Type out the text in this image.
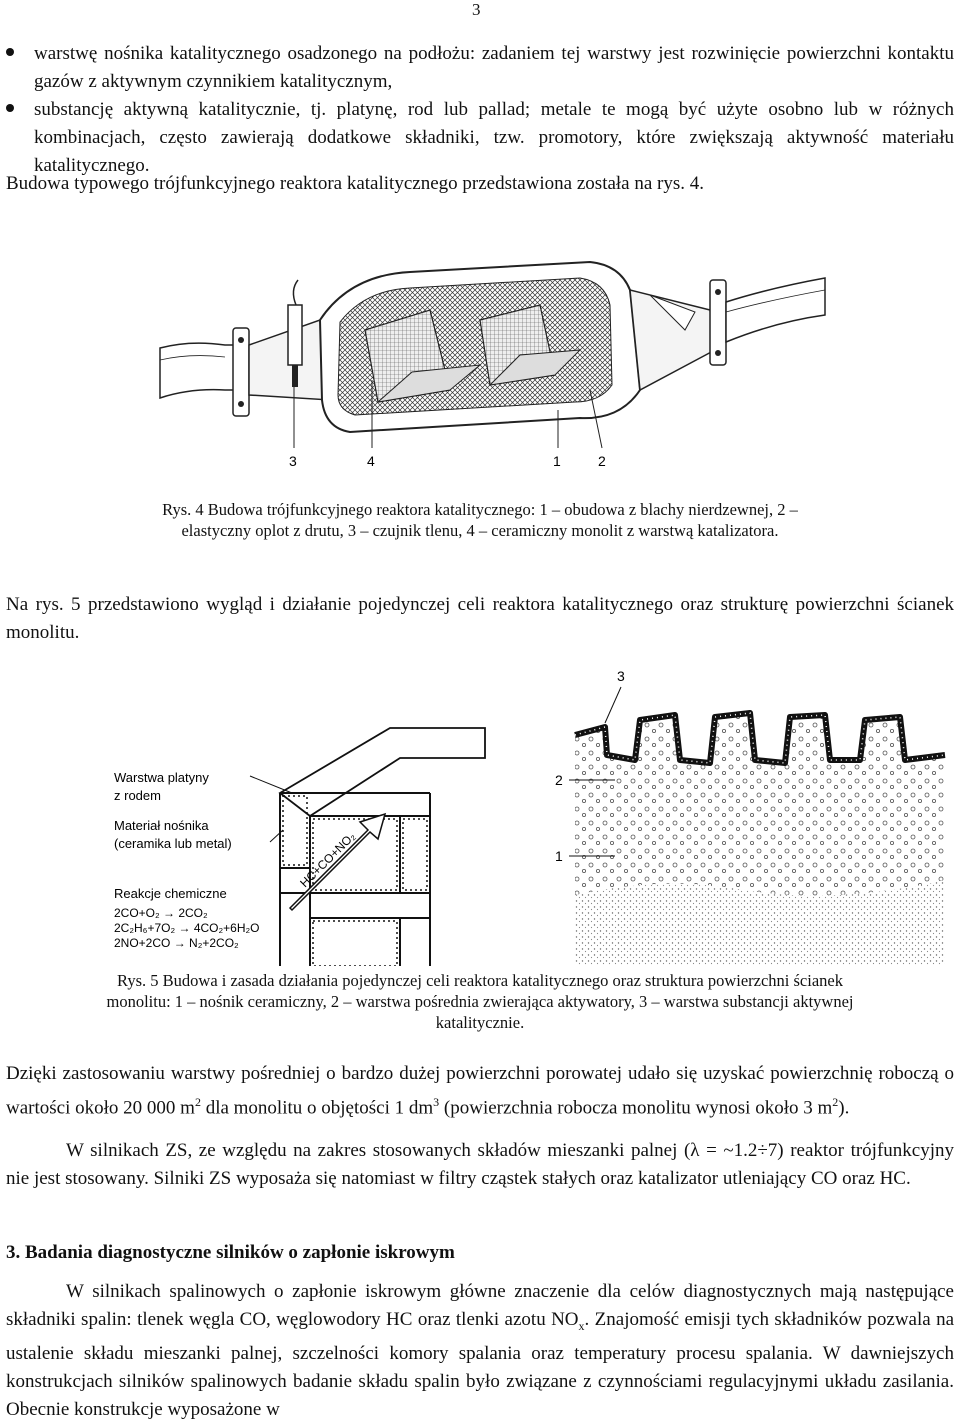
3
warstwę nośnika katalitycznego osadzonego na podłożu: zadaniem tej warstwy jest rozwinięcie powierzchni kontaktu gazów z aktywnym czynnikiem katalitycznym,
substancję aktywną katalitycznie, tj. platynę, rod lub pallad; metale te mogą być użyte osobno lub w różnych kombinacjach, często zawierają dodatkowe składniki, tzw. promotory, które zwiększają aktywność materiału katalitycznego.
Budowa typowego trójfunkcyjnego reaktora katalitycznego przedstawiona została na rys. 4.
3	4	1	2
Rys. 4 Budowa trójfunkcyjnego reaktora katalitycznego: 1 – obudowa z blachy nierdzewnej, 2 – elastyczny oplot z drutu, 3 – czujnik tlenu, 4 – ceramiczny monolit z warstwą katalizatora.
Na rys. 5 przedstawiono wygląd i działanie pojedynczej celi reaktora katalitycznego oraz strukturę powierzchni ścianek monolitu.
HC+CO+NO₂
Warstwa platyny
z rodem
Materiał nośnika
(ceramika lub metal)
Reakcje chemiczne
2CO+O₂ → 2CO₂
2C₂H₆+7O₂ → 4CO₂+6H₂O
2NO+2CO → N₂+2CO₂
3
2
1
Rys. 5 Budowa i zasada działania pojedynczej celi reaktora katalitycznego oraz struktura powierzchni ścianek monolitu: 1 – nośnik ceramiczny, 2 – warstwa pośrednia zwierająca aktywatory, 3 – warstwa substancji aktywnej katalitycznie.
Dzięki zastosowaniu warstwy pośredniej o bardzo dużej powierzchni porowatej udało się uzyskać powierzchnię roboczą o wartości około 20 000 $m^2$ dla monolitu o objętości 1 $dm^3$ (powierzchnia robocza monolitu wynosi około 3 $m^2$).
W silnikach ZS, ze względu na zakres stosowanych składów mieszanki palnej (λ = ~1.2÷7) reaktor trójfunkcyjny nie jest stosowany. Silniki ZS wyposaża się natomiast w filtry cząstek stałych oraz katalizator utleniający CO oraz HC.
3. Badania diagnostyczne silników o zapłonie iskrowym
W silnikach spalinowych o zapłonie iskrowym główne znaczenie dla celów diagnostycznych mają następujące składniki spalin: tlenek węgla CO, węglowodory HC oraz tlenki azotu $NO_x$. Znajomość emisji tych składników pozwala na ustalenie składu mieszanki palnej, szczelności komory spalania oraz temperatury procesu spalania. W dawniejszych konstrukcjach silników spalinowych badanie składu spalin było związane z czynnościami regulacyjnymi układu zasilania. Obecnie konstrukcje wyposażone w
